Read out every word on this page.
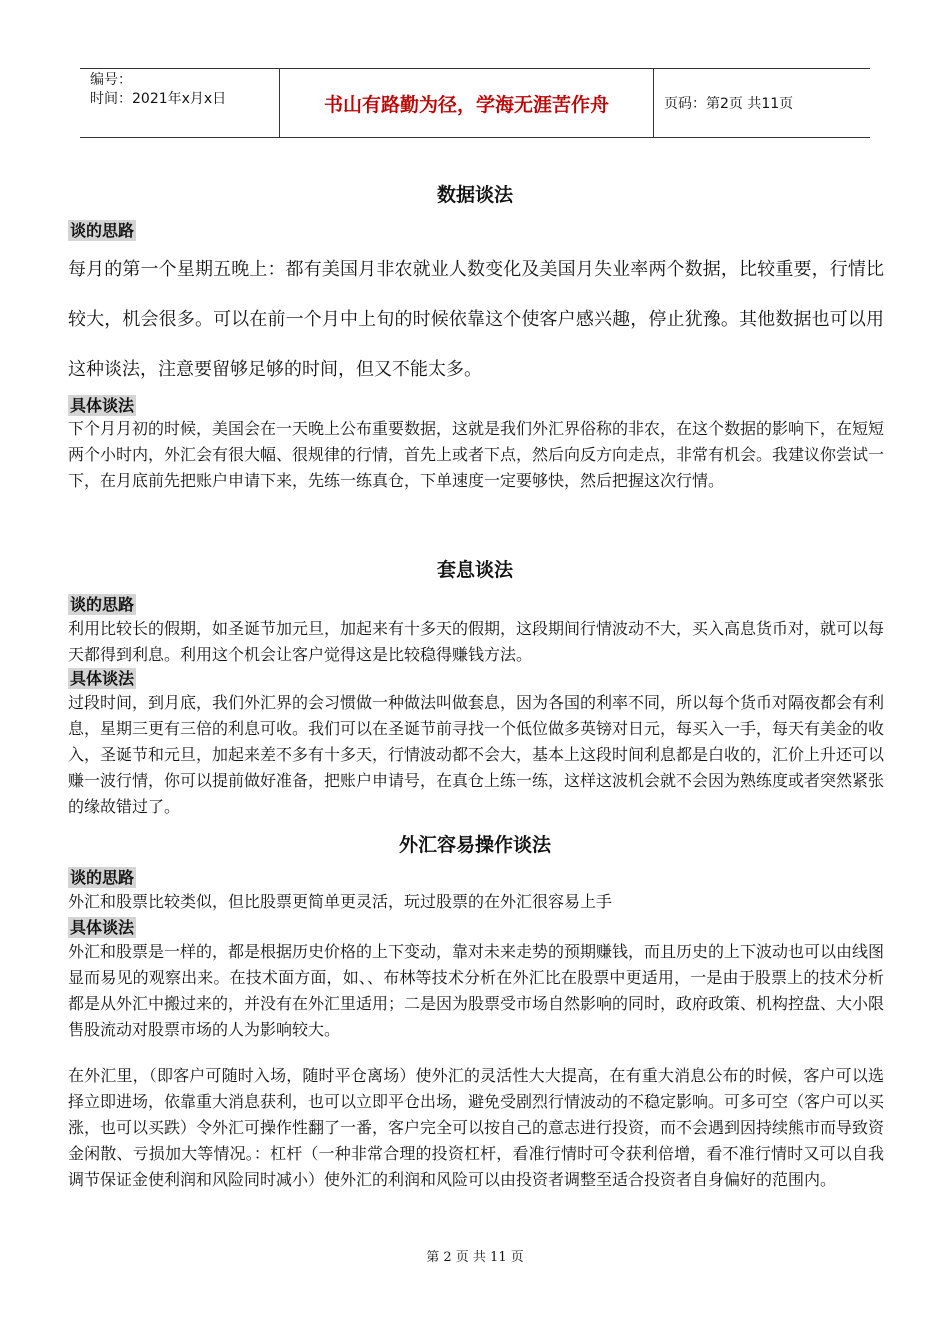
编号：
时间：2021年x月x日	书山有路勤为径，学海无涯苦作舟	页码：第2页 共11页
数据谈法
谈的思路

每月的第一个星期五晚上：都有美国月非农就业人数变化及美国月失业率两个数据，比较重要，行情比较大，机会很多。可以在前一个月中上旬的时候依靠这个使客户感兴趣，停止犹豫。其他数据也可以用这种谈法，注意要留够足够的时间，但又不能太多。

具体谈法

下个月月初的时候，美国会在一天晚上公布重要数据，这就是我们外汇界俗称的非农，在这个数据的影响下，在短短两个小时内，外汇会有很大幅、很规律的行情，首先上或者下点，然后向反方向走点，非常有机会。我建议你尝试一下，在月底前先把账户申请下来，先练一练真仓，下单速度一定要够快，然后把握这次行情。

套息谈法
谈的思路

利用比较长的假期，如圣诞节加元旦，加起来有十多天的假期，这段期间行情波动不大，买入高息货币对，就可以每天都得到利息。利用这个机会让客户觉得这是比较稳得赚钱方法。

具体谈法

过段时间，到月底，我们外汇界的会习惯做一种做法叫做套息，因为各国的利率不同，所以每个货币对隔夜都会有利息，星期三更有三倍的利息可收。我们可以在圣诞节前寻找一个低位做多英镑对日元，每买入一手，每天有美金的收入，圣诞节和元旦，加起来差不多有十多天，行情波动都不会大，基本上这段时间利息都是白收的，汇价上升还可以赚一波行情，你可以提前做好准备，把账户申请号，在真仓上练一练，这样这波机会就不会因为熟练度或者突然紧张的缘故错过了。

外汇容易操作谈法
谈的思路

外汇和股票比较类似，但比股票更简单更灵活，玩过股票的在外汇很容易上手

具体谈法

外汇和股票是一样的，都是根据历史价格的上下变动，靠对未来走势的预期赚钱，而且历史的上下波动也可以由线图显而易见的观察出来。在技术面方面，如、、布林等技术分析在外汇比在股票中更适用，一是由于股票上的技术分析都是从外汇中搬过来的，并没有在外汇里适用；二是因为股票受市场自然影响的同时，政府政策、机构控盘、大小限售股流动对股票市场的人为影响较大。

在外汇里，（即客户可随时入场，随时平仓离场）使外汇的灵活性大大提高，在有重大消息公布的时候，客户可以选择立即进场，依靠重大消息获利，也可以立即平仓出场，避免受剧烈行情波动的不稳定影响。可多可空（客户可以买涨，也可以买跌）令外汇可操作性翻了一番，客户完全可以按自己的意志进行投资，而不会遇到因持续熊市而导致资金闲散、亏损加大等情况。：杠杆（一种非常合理的投资杠杆，看准行情时可令获利倍增，看不准行情时又可以自我调节保证金使利润和风险同时减小）使外汇的利润和风险可以由投资者调整至适合投资者自身偏好的范围内。

第 2 页 共 11 页
